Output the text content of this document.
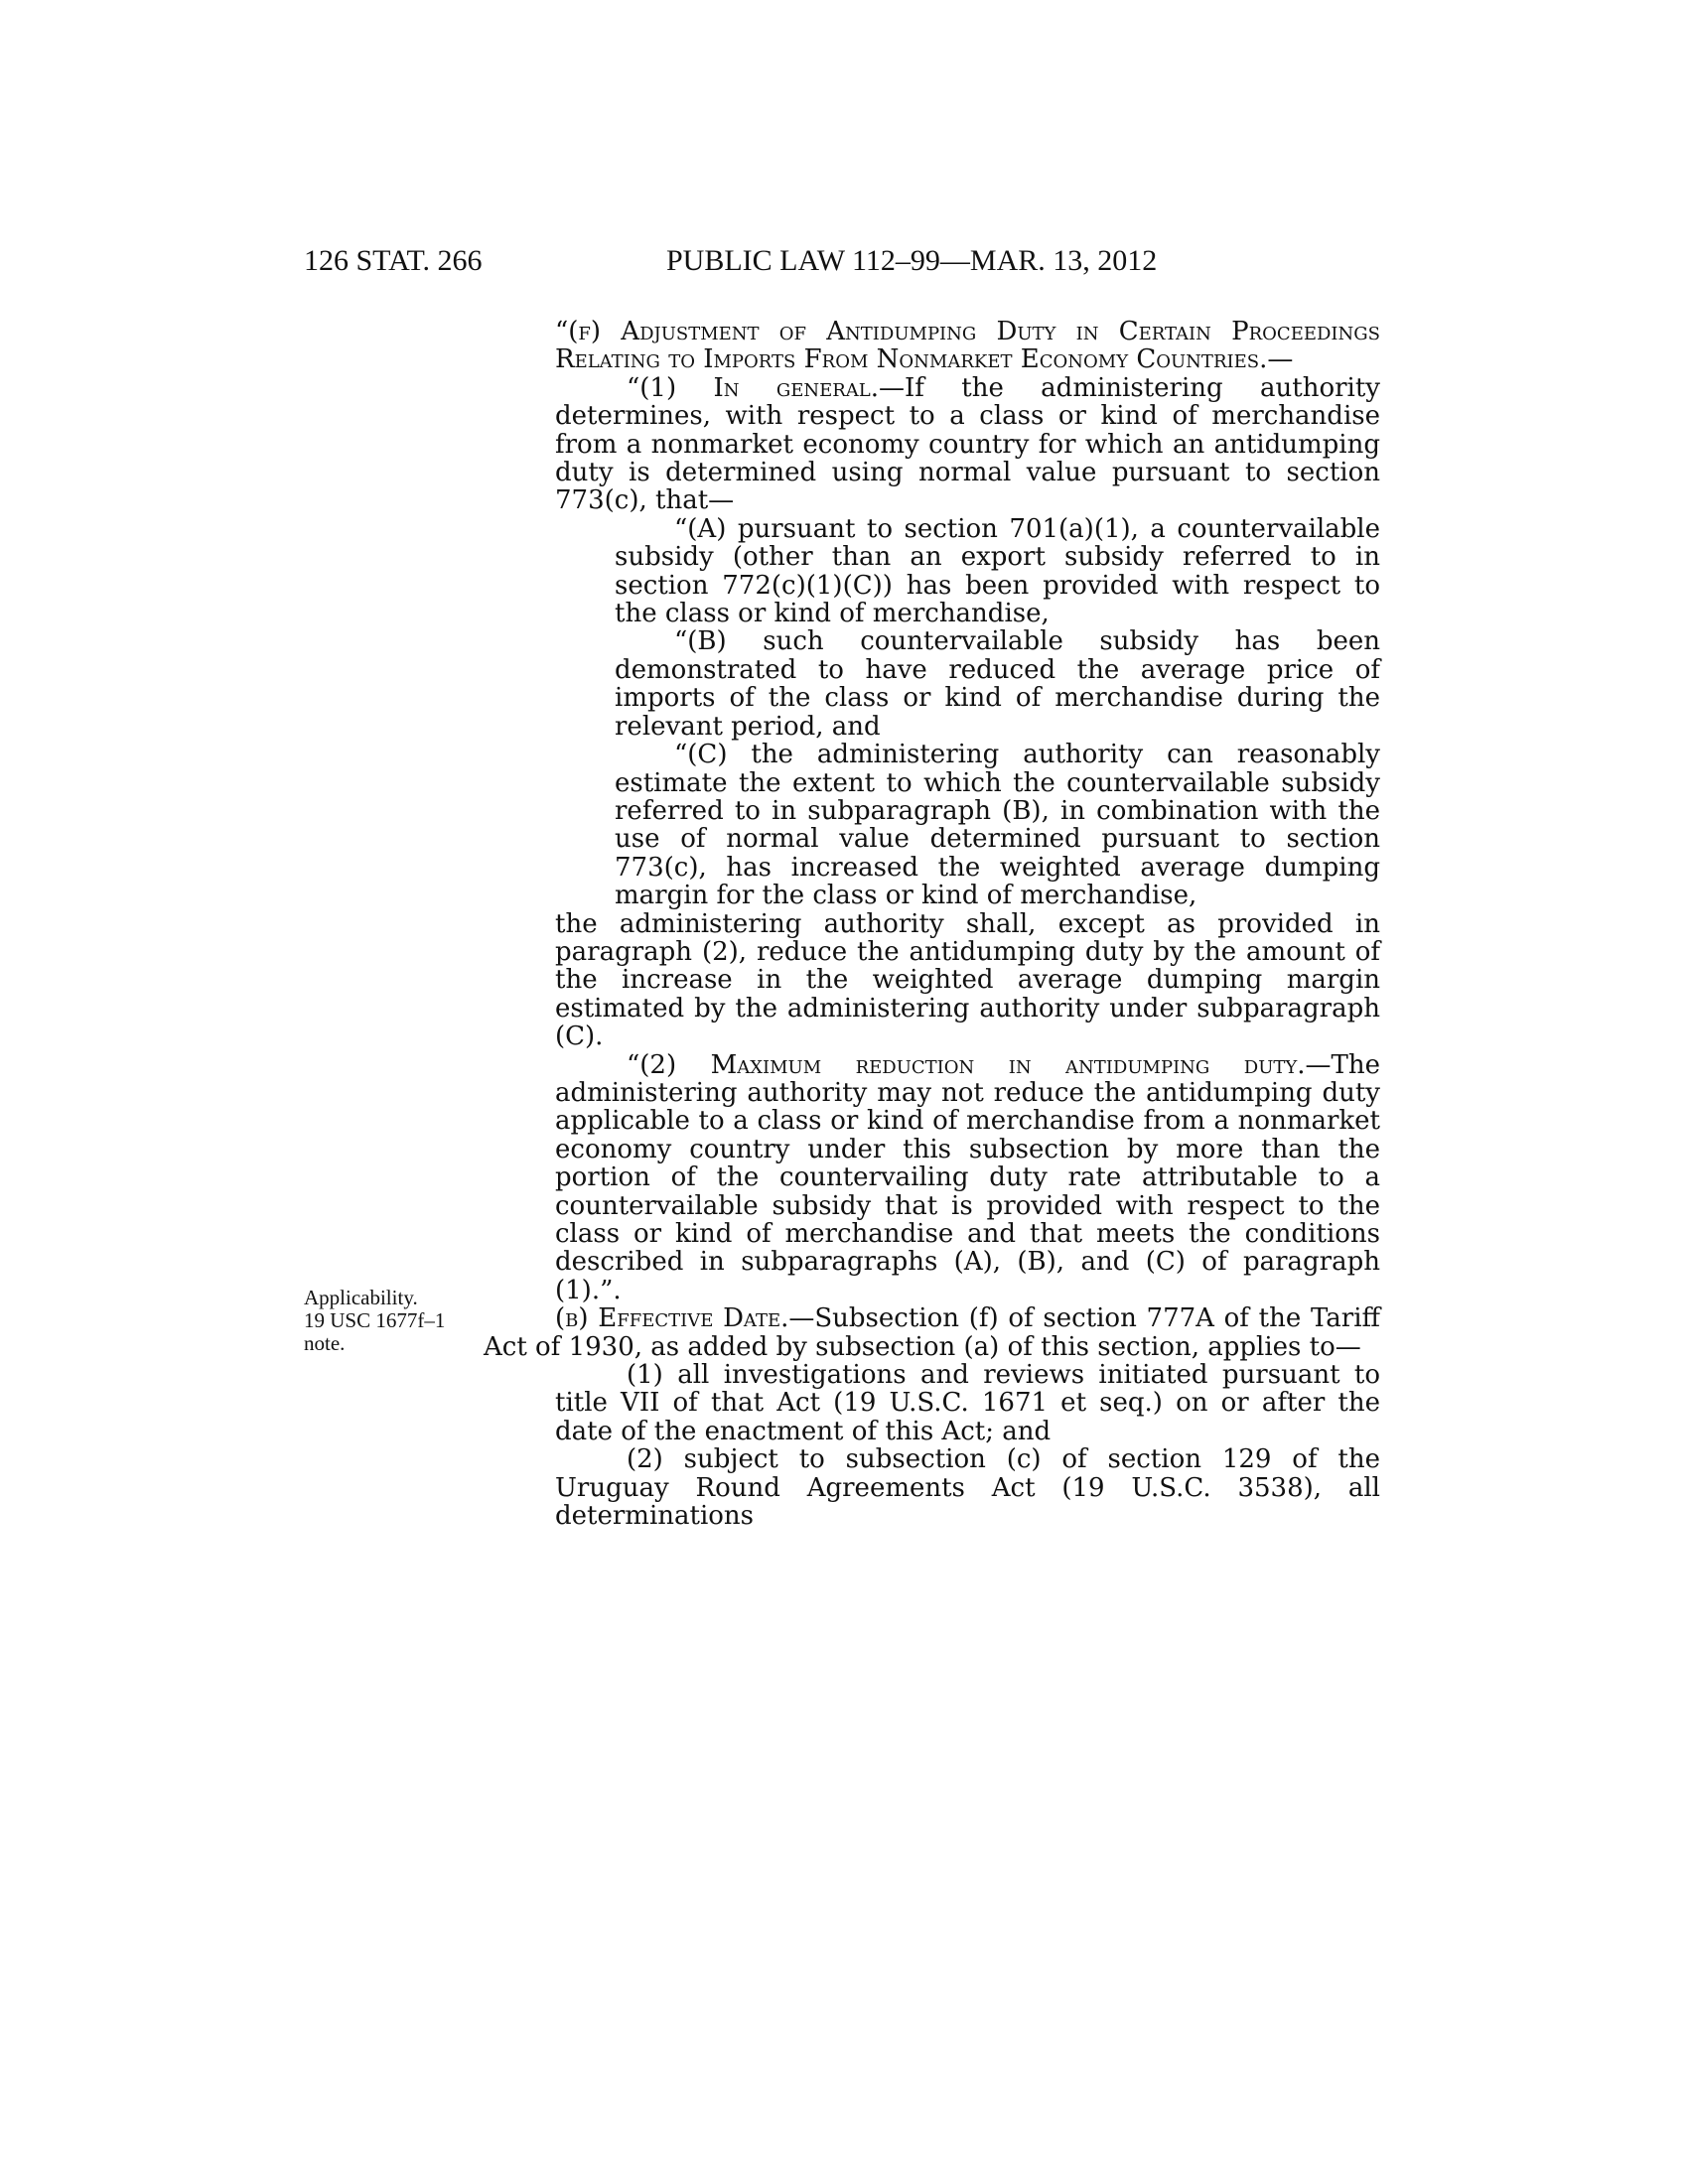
126 STAT. 266	PUBLIC LAW 112–99—MAR. 13, 2012
Applicability.
19 USC 1677f–1
note.

“(f) Adjustment of Antidumping Duty in Certain Proceedings Relating to Imports From Nonmarket Economy Countries.—

“(1) In general.—If the administering authority determines, with respect to a class or kind of merchandise from a nonmarket economy country for which an antidumping duty is determined using normal value pursuant to section 773(c), that—

“(A) pursuant to section 701(a)(1), a countervailable subsidy (other than an export subsidy referred to in section 772(c)(1)(C)) has been provided with respect to the class or kind of merchandise,

“(B) such countervailable subsidy has been demonstrated to have reduced the average price of imports of the class or kind of merchandise during the relevant period, and

“(C) the administering authority can reasonably estimate the extent to which the countervailable subsidy referred to in subparagraph (B), in combination with the use of normal value determined pursuant to section 773(c), has increased the weighted average dumping margin for the class or kind of merchandise,

the administering authority shall, except as provided in paragraph (2), reduce the antidumping duty by the amount of the increase in the weighted average dumping margin estimated by the administering authority under subparagraph (C).

“(2) Maximum reduction in antidumping duty.—The administering authority may not reduce the antidumping duty applicable to a class or kind of merchandise from a nonmarket economy country under this subsection by more than the portion of the countervailing duty rate attributable to a countervailable subsidy that is provided with respect to the class or kind of merchandise and that meets the conditions described in subparagraphs (A), (B), and (C) of paragraph (1).”.

(b) Effective Date.—Subsection (f) of section 777A of the Tariff Act of 1930, as added by subsection (a) of this section, applies to—

(1) all investigations and reviews initiated pursuant to title VII of that Act (19 U.S.C. 1671 et seq.) on or after the date of the enactment of this Act; and

(2) subject to subsection (c) of section 129 of the Uruguay Round Agreements Act (19 U.S.C. 3538), all determinations
